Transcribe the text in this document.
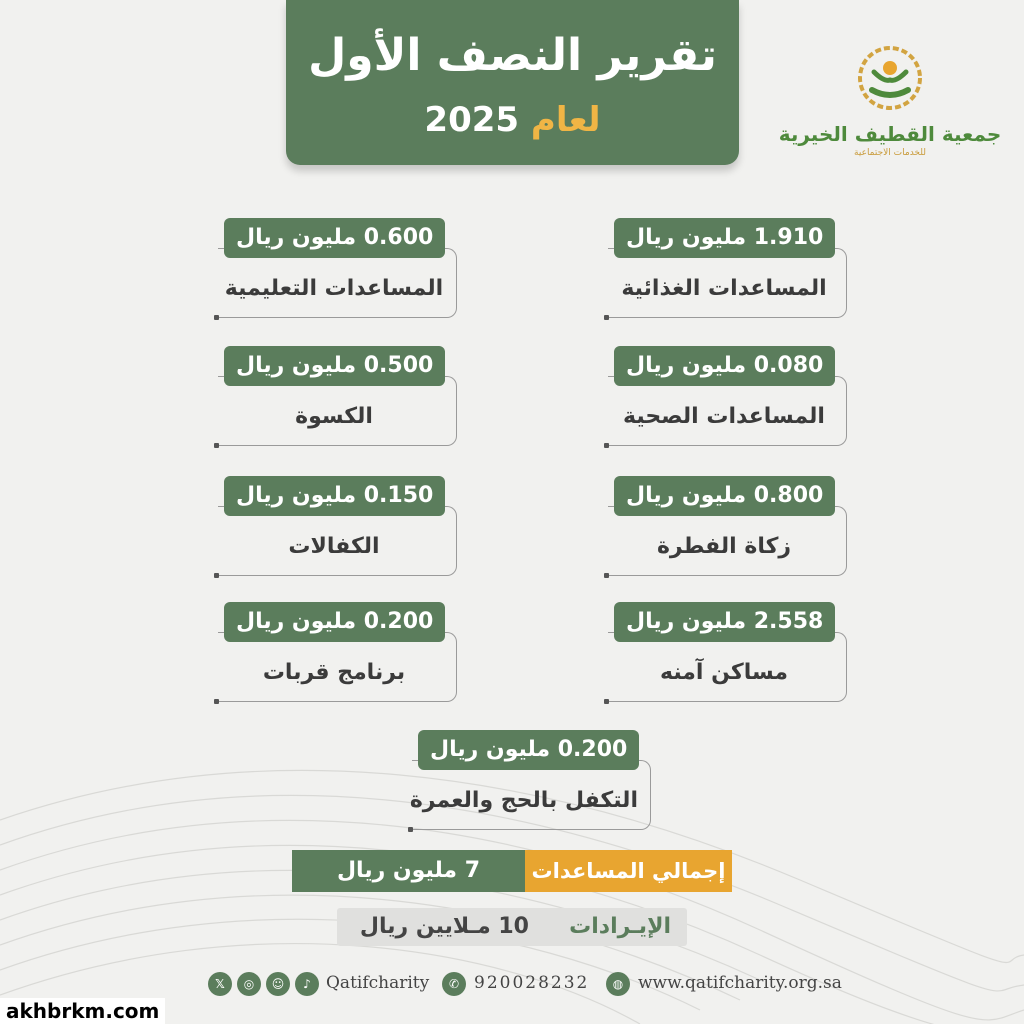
تقرير النصف الأول
لعام 2025	جمعية القطيف الخيرية
للخدمات الاجتماعية
1.910 مليون ريال
المساعدات الغذائية
0.080 مليون ريال
المساعدات الصحية
0.800 مليون ريال
زكاة الفطرة
2.558 مليون ريال
مساكن آمنه
0.600 مليون ريال
المساعدات التعليمية
0.500 مليون ريال
الكسوة
0.150 مليون ريال
الكفالات
0.200 مليون ريال
برنامج قربات
0.200 مليون ريال
التكفل بالحج والعمرة
7 مليون ريال	إجمالي المساعدات
الإيـرادات
10 مـلايين ريال
𝕏	◎	☺	♪ Qatifcharity	✆ 920028232	◍ www.qatifcharity.org.sa
akhbrkm.com
